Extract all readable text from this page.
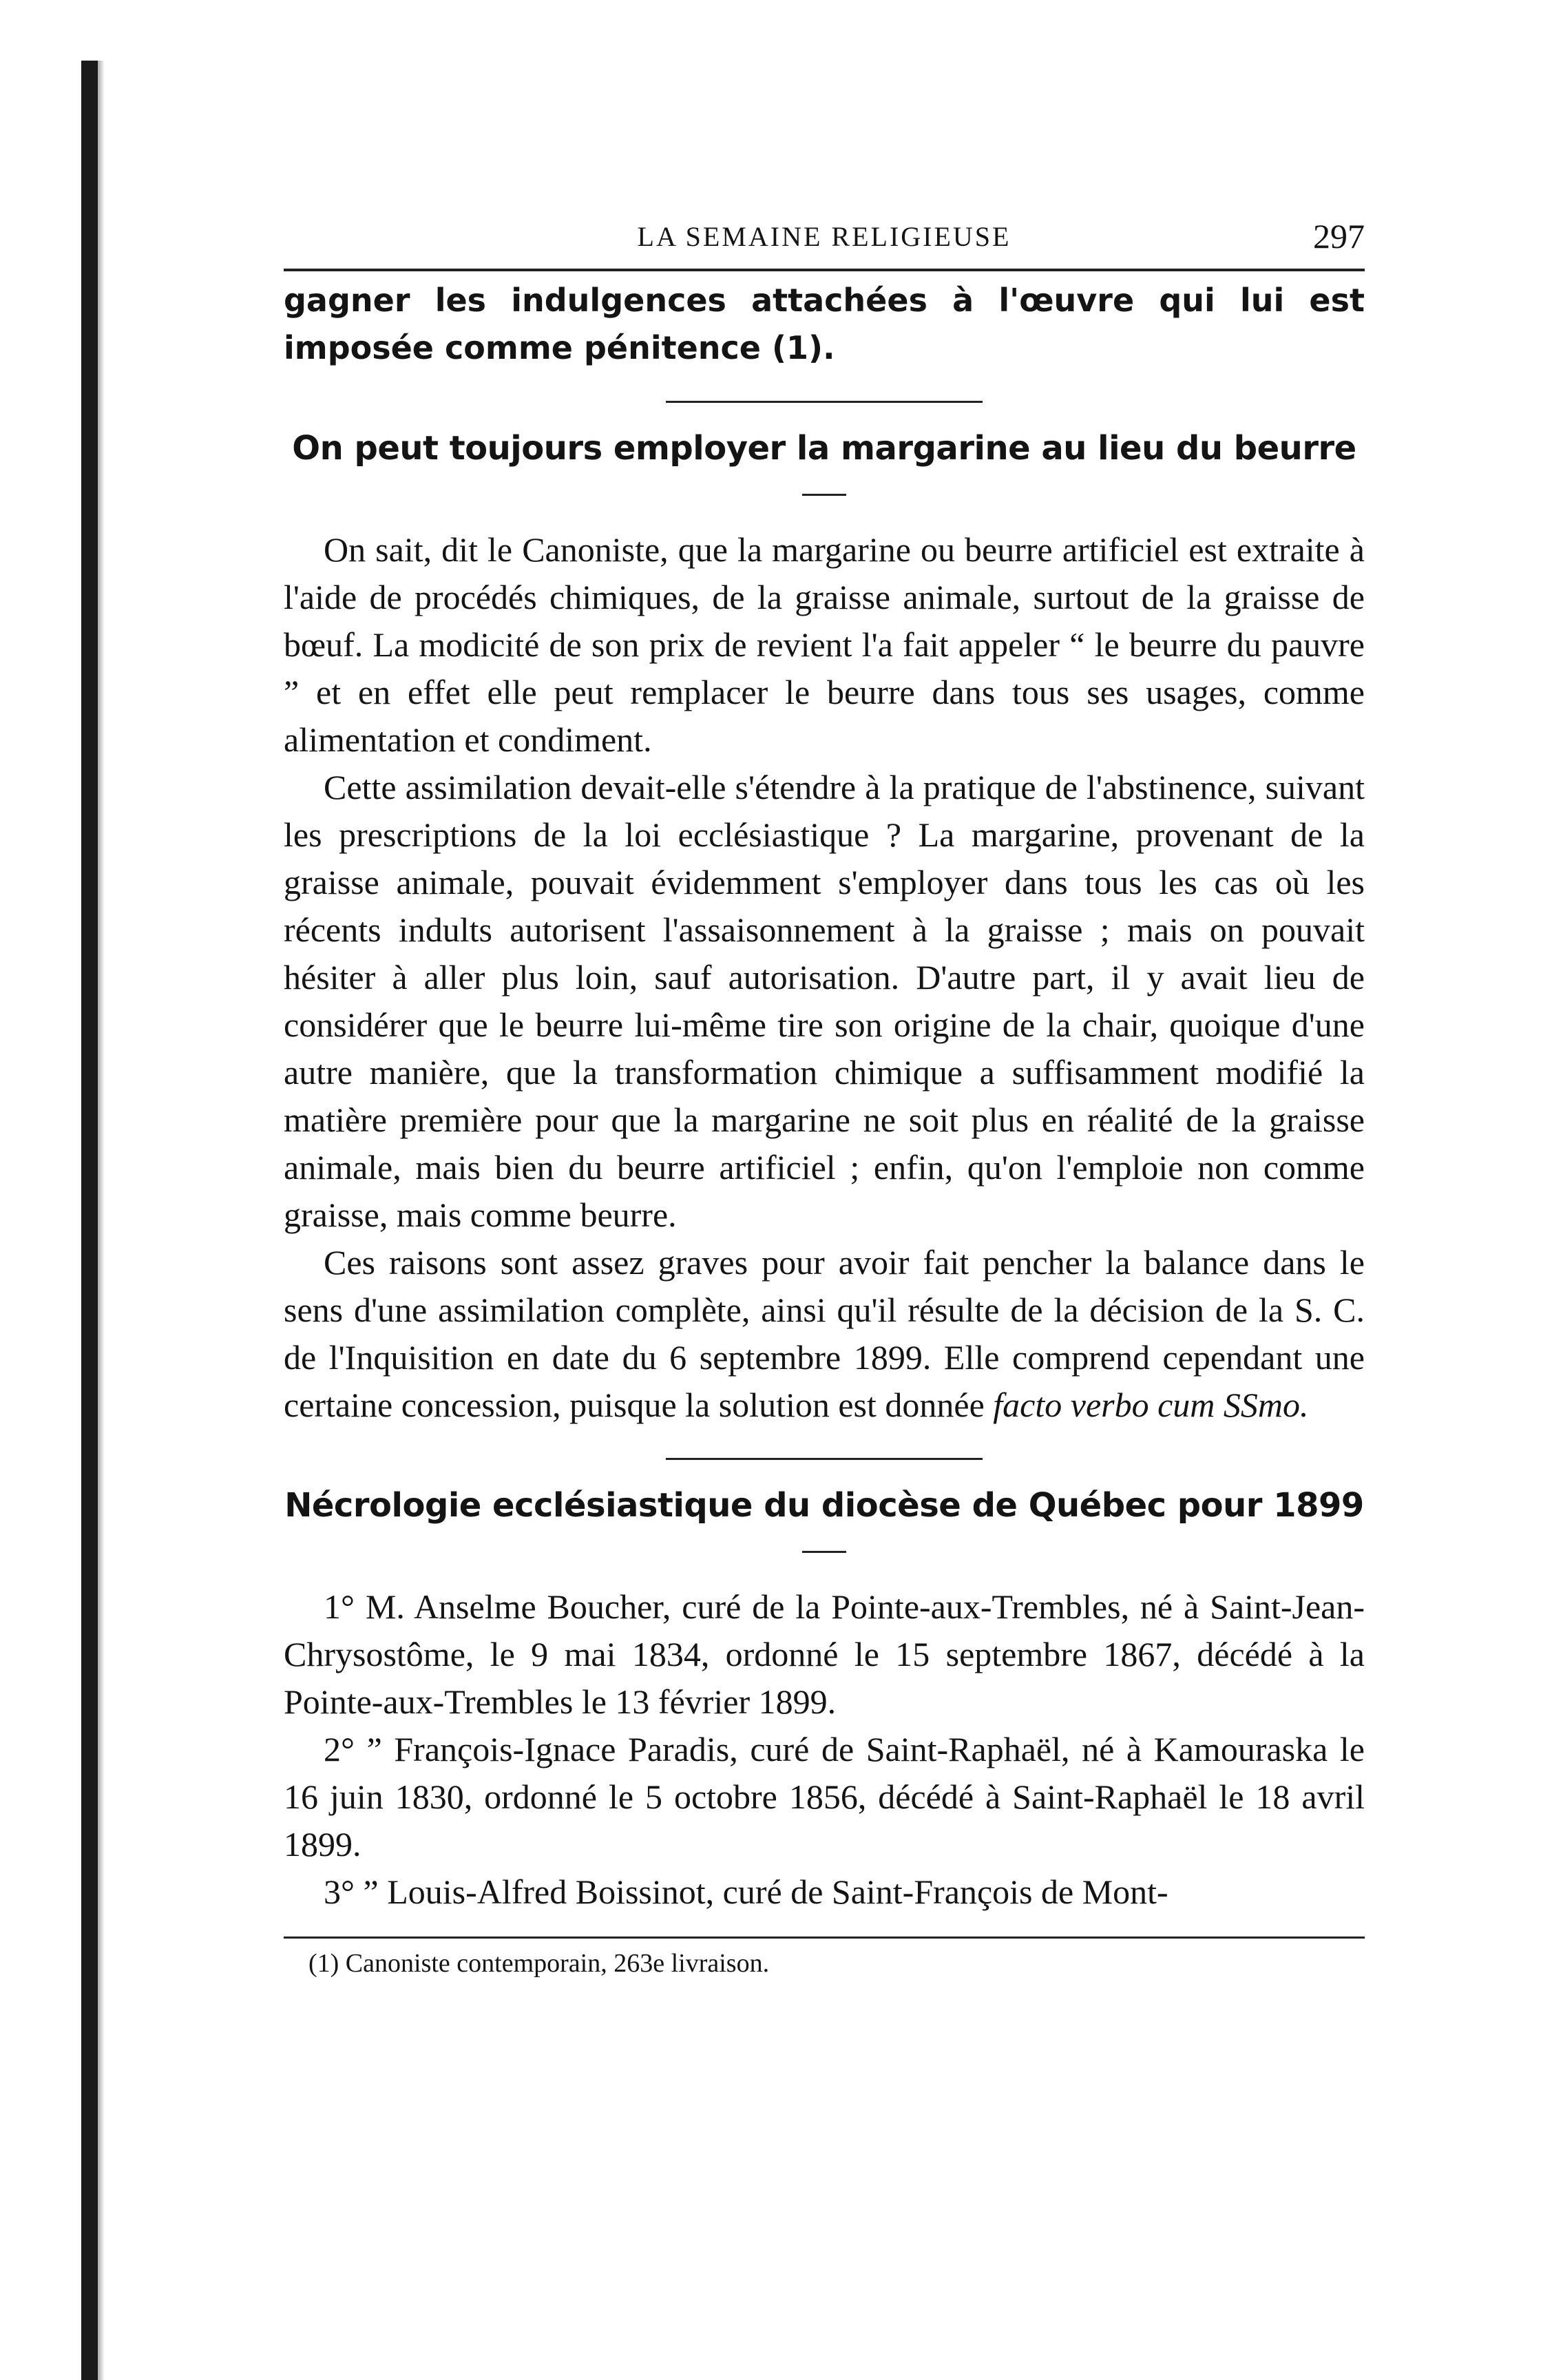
LA SEMAINE RELIGIEUSE	297

gagner les indulgences attachées à l'œuvre qui lui est imposée comme pénitence (1).

On peut toujours employer la margarine au lieu du beurre

On sait, dit le Canoniste, que la margarine ou beurre artificiel est extraite à l'aide de procédés chimiques, de la graisse animale, surtout de la graisse de bœuf. La modicité de son prix de revient l'a fait appeler “ le beurre du pauvre ” et en effet elle peut remplacer le beurre dans tous ses usages, comme alimentation et condiment.

Cette assimilation devait-elle s'étendre à la pratique de l'abstinence, suivant les prescriptions de la loi ecclésiastique ? La margarine, provenant de la graisse animale, pouvait évidemment s'employer dans tous les cas où les récents indults autorisent l'assaisonnement à la graisse ; mais on pouvait hésiter à aller plus loin, sauf autorisation. D'autre part, il y avait lieu de considérer que le beurre lui-même tire son origine de la chair, quoique d'une autre manière, que la transformation chimique a suffisamment modifié la matière première pour que la margarine ne soit plus en réalité de la graisse animale, mais bien du beurre artificiel ; enfin, qu'on l'emploie non comme graisse, mais comme beurre.

Ces raisons sont assez graves pour avoir fait pencher la balance dans le sens d'une assimilation complète, ainsi qu'il résulte de la décision de la S. C. de l'Inquisition en date du 6 septembre 1899. Elle comprend cependant une certaine concession, puisque la solution est donnée facto verbo cum SSmo.

Nécrologie ecclésiastique du diocèse de Québec pour 1899

1° M. Anselme Boucher, curé de la Pointe-aux-Trembles, né à Saint-Jean-Chrysostôme, le 9 mai 1834, ordonné le 15 septembre 1867, décédé à la Pointe-aux-Trembles le 13 février 1899.

2° ” François-Ignace Paradis, curé de Saint-Raphaël, né à Kamouraska le 16 juin 1830, ordonné le 5 octobre 1856, décédé à Saint-Raphaël le 18 avril 1899.

3° ” Louis-Alfred Boissinot, curé de Saint-François de Mont-

(1) Canoniste contemporain, 263e livraison.
